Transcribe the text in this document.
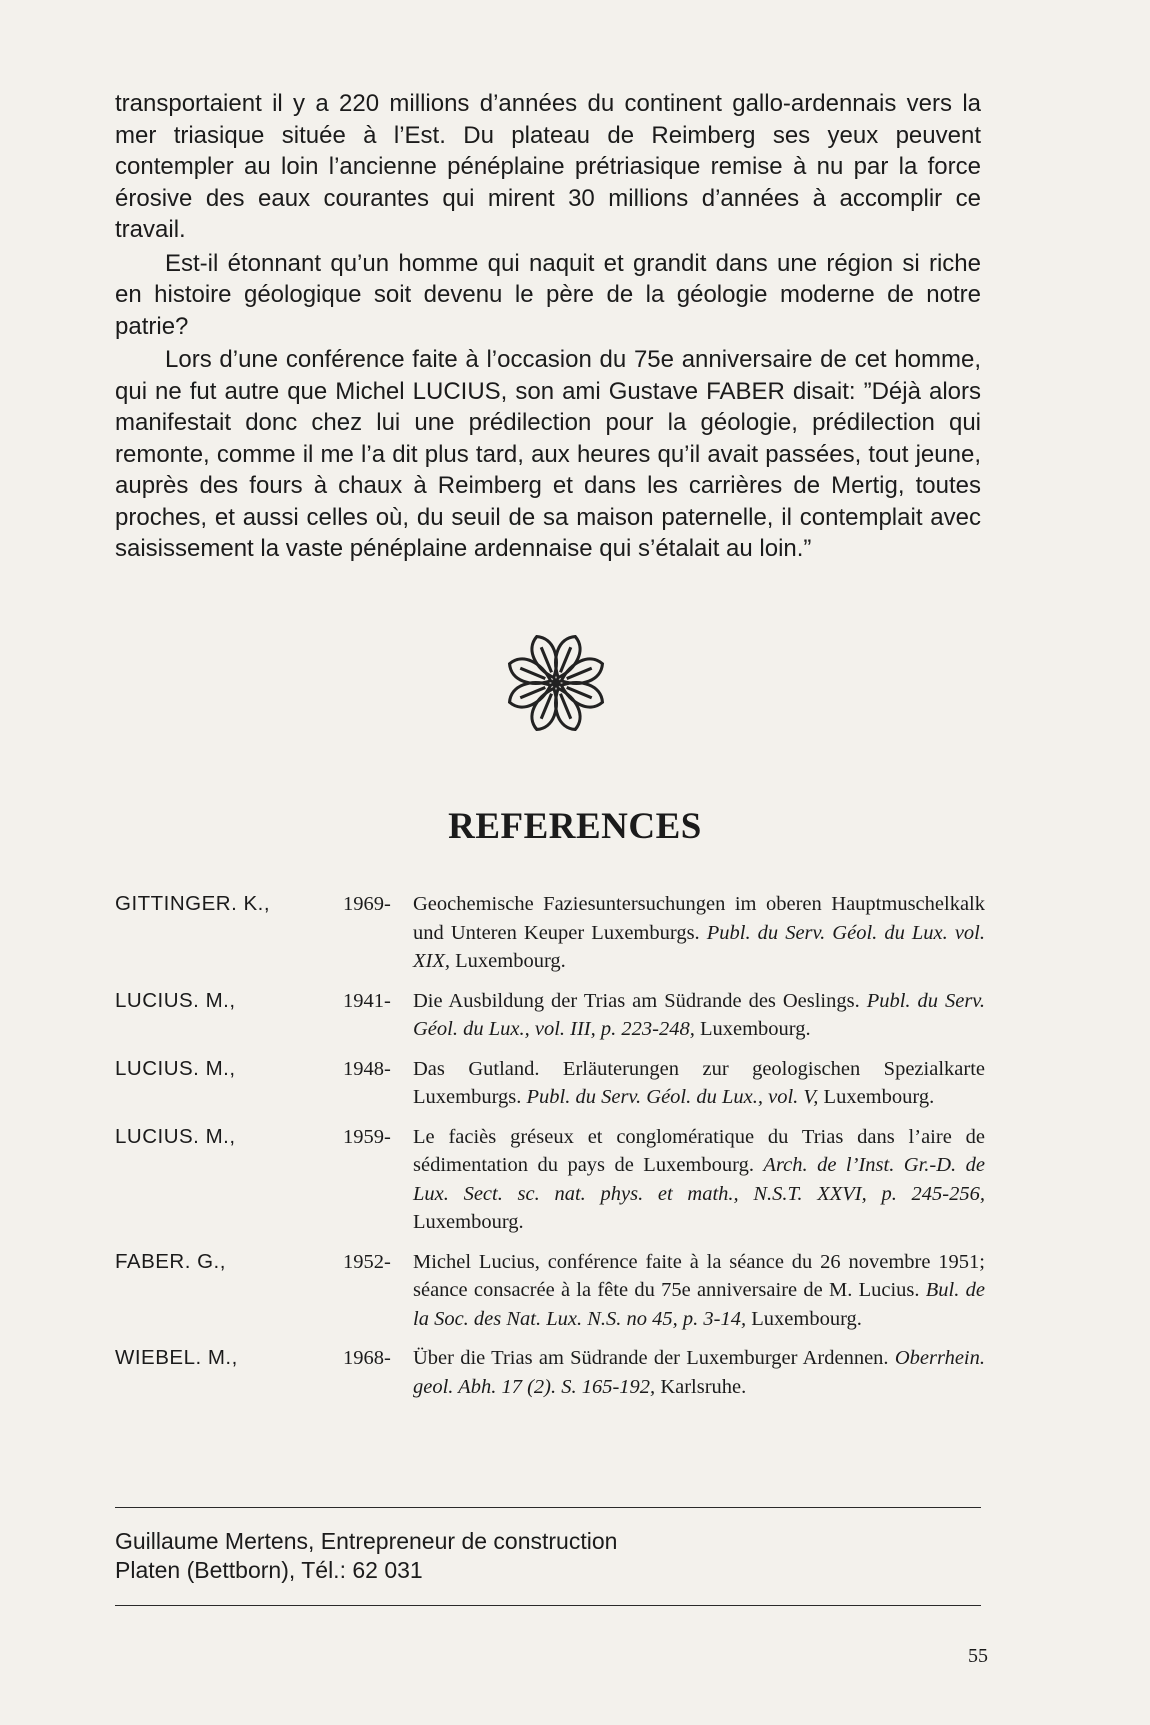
transportaient il y a 220 millions d’années du continent gallo-ardennais vers la mer triasique située à l’Est. Du plateau de Reimberg ses yeux peuvent contempler au loin l’ancienne pénéplaine prétriasique remise à nu par la force érosive des eaux courantes qui mirent 30 millions d’années à accomplir ce travail.

Est-il étonnant qu’un homme qui naquit et grandit dans une région si riche en histoire géologique soit devenu le père de la géologie moderne de notre patrie?

Lors d’une conférence faite à l’occasion du 75e anniversaire de cet homme, qui ne fut autre que Michel LUCIUS, son ami Gustave FABER disait: ”Déjà alors manifestait donc chez lui une prédilection pour la géologie, prédilection qui remonte, comme il me l’a dit plus tard, aux heures qu’il avait passées, tout jeune, auprès des fours à chaux à Reimberg et dans les carrières de Mertig, toutes proches, et aussi celles où, du seuil de sa maison paternelle, il contemplait avec saisissement la vaste pénéplaine ardennaise qui s’étalait au loin.”

REFERENCES
GITTINGER. K.,	1969- Geochemische Faziesuntersuchungen im oberen Hauptmuschelkalk und Unteren Keuper Luxemburgs. Publ. du Serv. Géol. du Lux. vol. XIX, Luxembourg.
LUCIUS. M.,	1941- Die Ausbildung der Trias am Südrande des Oeslings. Publ. du Serv. Géol. du Lux., vol. III, p. 223-248, Luxembourg.
LUCIUS. M.,	1948- Das Gutland. Erläuterungen zur geologischen Spezialkarte Luxemburgs. Publ. du Serv. Géol. du Lux., vol. V, Luxembourg.
LUCIUS. M.,	1959- Le faciès gréseux et conglomératique du Trias dans l’aire de sédimentation du pays de Luxembourg. Arch. de l’Inst. Gr.-D. de Lux. Sect. sc. nat. phys. et math., N.S.T. XXVI, p. 245-256, Luxembourg.
FABER. G.,	1952- Michel Lucius, conférence faite à la séance du 26 novembre 1951; séance consacrée à la fête du 75e anniversaire de M. Lucius. Bul. de la Soc. des Nat. Lux. N.S. no 45, p. 3-14, Luxembourg.
WIEBEL. M.,	1968- Über die Trias am Südrande der Luxemburger Ardennen. Oberrhein. geol. Abh. 17 (2). S. 165-192, Karlsruhe.
Guillaume Mertens, Entrepreneur de construction
Platen (Bettborn), Tél.: 62 031
55
